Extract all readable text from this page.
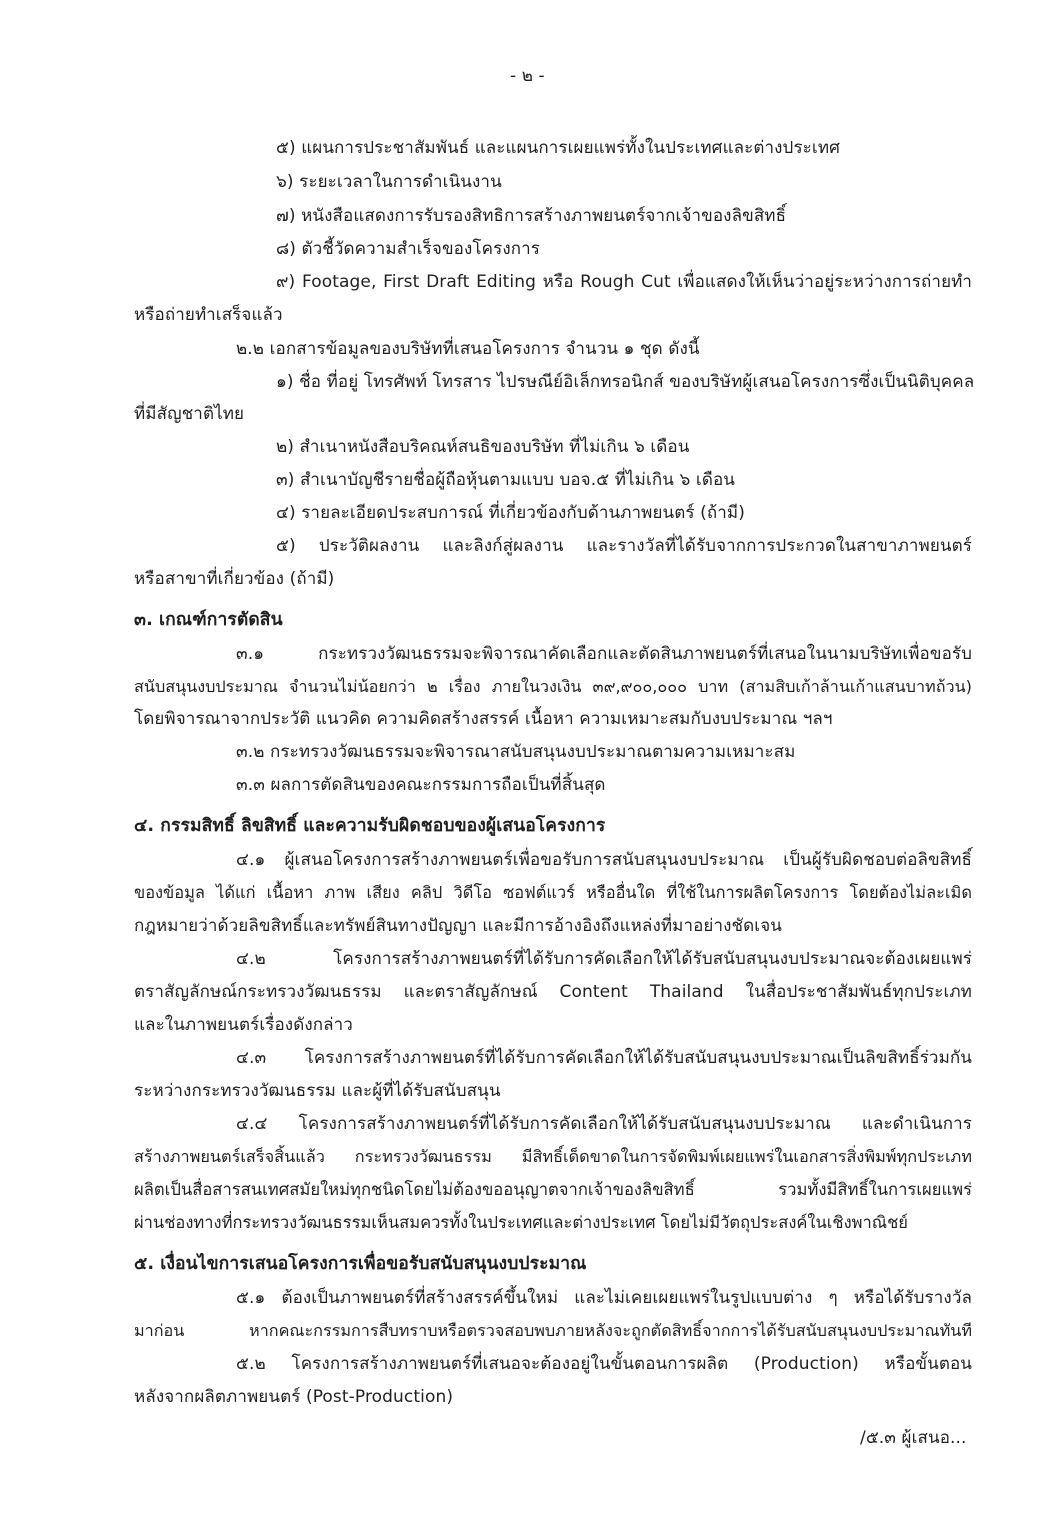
- ๒ -

๕) แผนการประชาสัมพันธ์ และแผนการเผยแพร่ทั้งในประเทศและต่างประเทศ

๖) ระยะเวลาในการดำเนินงาน

๗) หนังสือแสดงการรับรองสิทธิการสร้างภาพยนตร์จากเจ้าของลิขสิทธิ์

๘) ตัวชี้วัดความสำเร็จของโครงการ

๙) Footage, First Draft Editing หรือ Rough Cut เพื่อแสดงให้เห็นว่าอยู่ระหว่างการถ่ายทำ

หรือถ่ายทำเสร็จแล้ว

๒.๒ เอกสารข้อมูลของบริษัทที่เสนอโครงการ จำนวน ๑ ชุด ดังนี้

๑) ชื่อ ที่อยู่ โทรศัพท์ โทรสาร ไปรษณีย์อิเล็กทรอนิกส์ ของบริษัทผู้เสนอโครงการซึ่งเป็นนิติบุคคล

ที่มีสัญชาติไทย

๒) สำเนาหนังสือบริคณห์สนธิของบริษัท ที่ไม่เกิน ๖ เดือน

๓) สำเนาบัญชีรายชื่อผู้ถือหุ้นตามแบบ บอจ.๕ ที่ไม่เกิน ๖ เดือน

๔) รายละเอียดประสบการณ์ ที่เกี่ยวข้องกับด้านภาพยนตร์ (ถ้ามี)

๕) ประวัติผลงาน และลิงก์สู่ผลงาน และรางวัลที่ได้รับจากการประกวดในสาขาภาพยนตร์

หรือสาขาที่เกี่ยวข้อง (ถ้ามี)

๓. เกณฑ์การตัดสิน

๓.๑ กระทรวงวัฒนธรรมจะพิจารณาคัดเลือกและตัดสินภาพยนตร์ที่เสนอในนามบริษัทเพื่อขอรับ

สนับสนุนงบประมาณ จำนวนไม่น้อยกว่า ๒ เรื่อง ภายในวงเงิน ๓๙,๙๐๐,๐๐๐ บาท (สามสิบเก้าล้านเก้าแสนบาทถ้วน)

โดยพิจารณาจากประวัติ แนวคิด ความคิดสร้างสรรค์ เนื้อหา ความเหมาะสมกับงบประมาณ ฯลฯ

๓.๒ กระทรวงวัฒนธรรมจะพิจารณาสนับสนุนงบประมาณตามความเหมาะสม

๓.๓ ผลการตัดสินของคณะกรรมการถือเป็นที่สิ้นสุด

๔. กรรมสิทธิ์ ลิขสิทธิ์ และความรับผิดชอบของผู้เสนอโครงการ

๔.๑ ผู้เสนอโครงการสร้างภาพยนตร์เพื่อขอรับการสนับสนุนงบประมาณ เป็นผู้รับผิดชอบต่อลิขสิทธิ์

ของข้อมูล ได้แก่ เนื้อหา ภาพ เสียง คลิป วิดีโอ ซอฟต์แวร์ หรืออื่นใด ที่ใช้ในการผลิตโครงการ โดยต้องไม่ละเมิด

กฎหมายว่าด้วยลิขสิทธิ์และทรัพย์สินทางปัญญา และมีการอ้างอิงถึงแหล่งที่มาอย่างชัดเจน

๔.๒ โครงการสร้างภาพยนตร์ที่ได้รับการคัดเลือกให้ได้รับสนับสนุนงบประมาณจะต้องเผยแพร่

ตราสัญลักษณ์กระทรวงวัฒนธรรม และตราสัญลักษณ์ Content Thailand ในสื่อประชาสัมพันธ์ทุกประเภท

และในภาพยนตร์เรื่องดังกล่าว

๔.๓ โครงการสร้างภาพยนตร์ที่ได้รับการคัดเลือกให้ได้รับสนับสนุนงบประมาณเป็นลิขสิทธิ์ร่วมกัน

ระหว่างกระทรวงวัฒนธรรม และผู้ที่ได้รับสนับสนุน

๔.๔ โครงการสร้างภาพยนตร์ที่ได้รับการคัดเลือกให้ได้รับสนับสนุนงบประมาณ และดำเนินการ

สร้างภาพยนตร์เสร็จสิ้นแล้ว กระทรวงวัฒนธรรม มีสิทธิ์เด็ดขาดในการจัดพิมพ์เผยแพร่ในเอกสารสิ่งพิมพ์ทุกประเภท

ผลิตเป็นสื่อสารสนเทศสมัยใหม่ทุกชนิดโดยไม่ต้องขออนุญาตจากเจ้าของลิขสิทธิ์ รวมทั้งมีสิทธิ์ในการเผยแพร่

ผ่านช่องทางที่กระทรวงวัฒนธรรมเห็นสมควรทั้งในประเทศและต่างประเทศ โดยไม่มีวัตถุประสงค์ในเชิงพาณิชย์

๕. เงื่อนไขการเสนอโครงการเพื่อขอรับสนับสนุนงบประมาณ

๕.๑ ต้องเป็นภาพยนตร์ที่สร้างสรรค์ขึ้นใหม่ และไม่เคยเผยแพร่ในรูปแบบต่าง ๆ หรือได้รับรางวัล

มาก่อน หากคณะกรรมการสืบทราบหรือตรวจสอบพบภายหลังจะถูกตัดสิทธิ์จากการได้รับสนับสนุนงบประมาณทันที

๕.๒ โครงการสร้างภาพยนตร์ที่เสนอจะต้องอยู่ในขั้นตอนการผลิต (Production) หรือขั้นตอน

หลังจากผลิตภาพยนตร์ (Post-Production)

/๕.๓ ผู้เสนอ...
